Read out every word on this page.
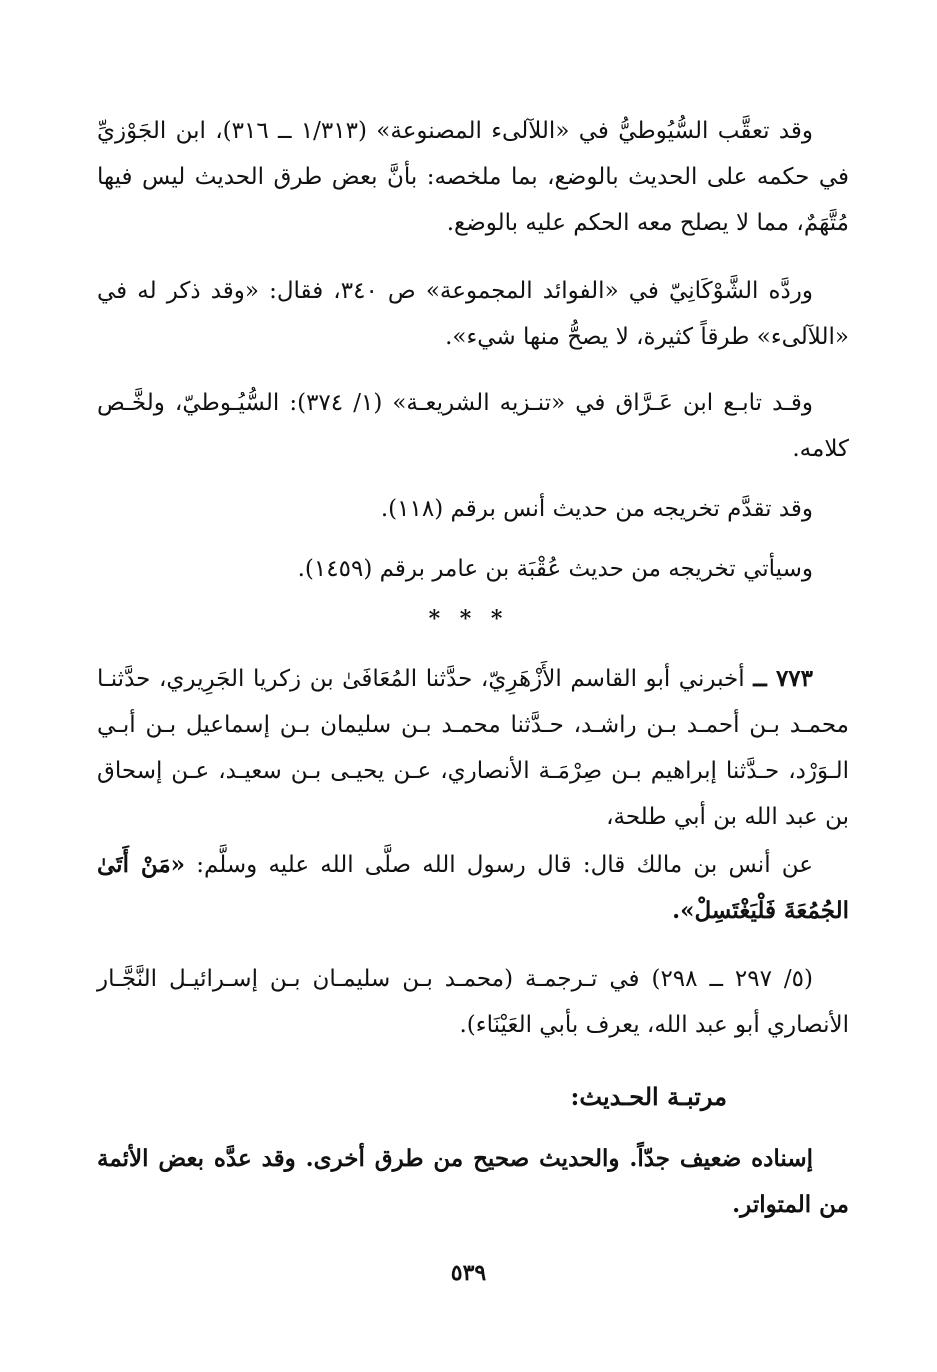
وقد تعقَّب السُّيُوطيُّ في «اللآلىء المصنوعة» (١/٣١٣ ــ ٣١٦)، ابن الجَوْزيِّ في حكمه على الحديث بالوضع، بما ملخصه: بأنَّ بعض طرق الحديث ليس فيها مُتَّهَمٌ، مما لا يصلح معه الحكم عليه بالوضع.

وردَّه الشَّوْكَانِيّ في «الفوائد المجموعة» ص ٣٤٠، فقال: «وقد ذكر له في «اللآلىء» طرقاً كثيرة، لا يصحُّ منها شيء».

وقـد تابـع ابن عَـرَّاق في «تنـزيه الشريعـة» (١/ ٣٧٤): السُّيُـوطيّ، ولخَّـص كلامه.

وقد تقدَّم تخريجه من حديث أنس برقم (١١٨).

وسيأتي تخريجه من حديث عُقْبَة بن عامر برقم (١٤٥٩).

* * *

٧٧٣ ــ أخبرني أبو القاسم الأَزْهَرِيّ، حدَّثنا المُعَافَىٰ بن زكريا الجَرِيري، حدَّثنـا محمـد بـن أحمـد بـن راشـد، حـدَّثنا محمـد بـن سليمان بـن إسماعيل بـن أبـي الـوَرْد، حـدَّثنا إبراهيم بـن صِرْمَـة الأنصاري، عـن يحيـى بـن سعيـد، عـن إسحاق بن عبد الله بن أبي طلحة،

عن أنس بن مالك قال: قال رسول الله صلَّى الله عليه وسلَّم: «مَنْ أَتَىٰ الجُمُعَةَ فَلْيَغْتَسِلْ».

(٥/ ٢٩٧ ــ ٢٩٨) في تـرجمـة (محمـد بـن سليمـان بـن إسـرائيـل النَّجَّـار الأنصاري أبو عبد الله، يعرف بأبي العَيْنَاء).

مرتبـة الحـديث:

إسناده ضعيف جدّاً. والحديث صحيح من طرق أخرى. وقد عدَّه بعض الأئمة من المتواتر.

٥٣٩
